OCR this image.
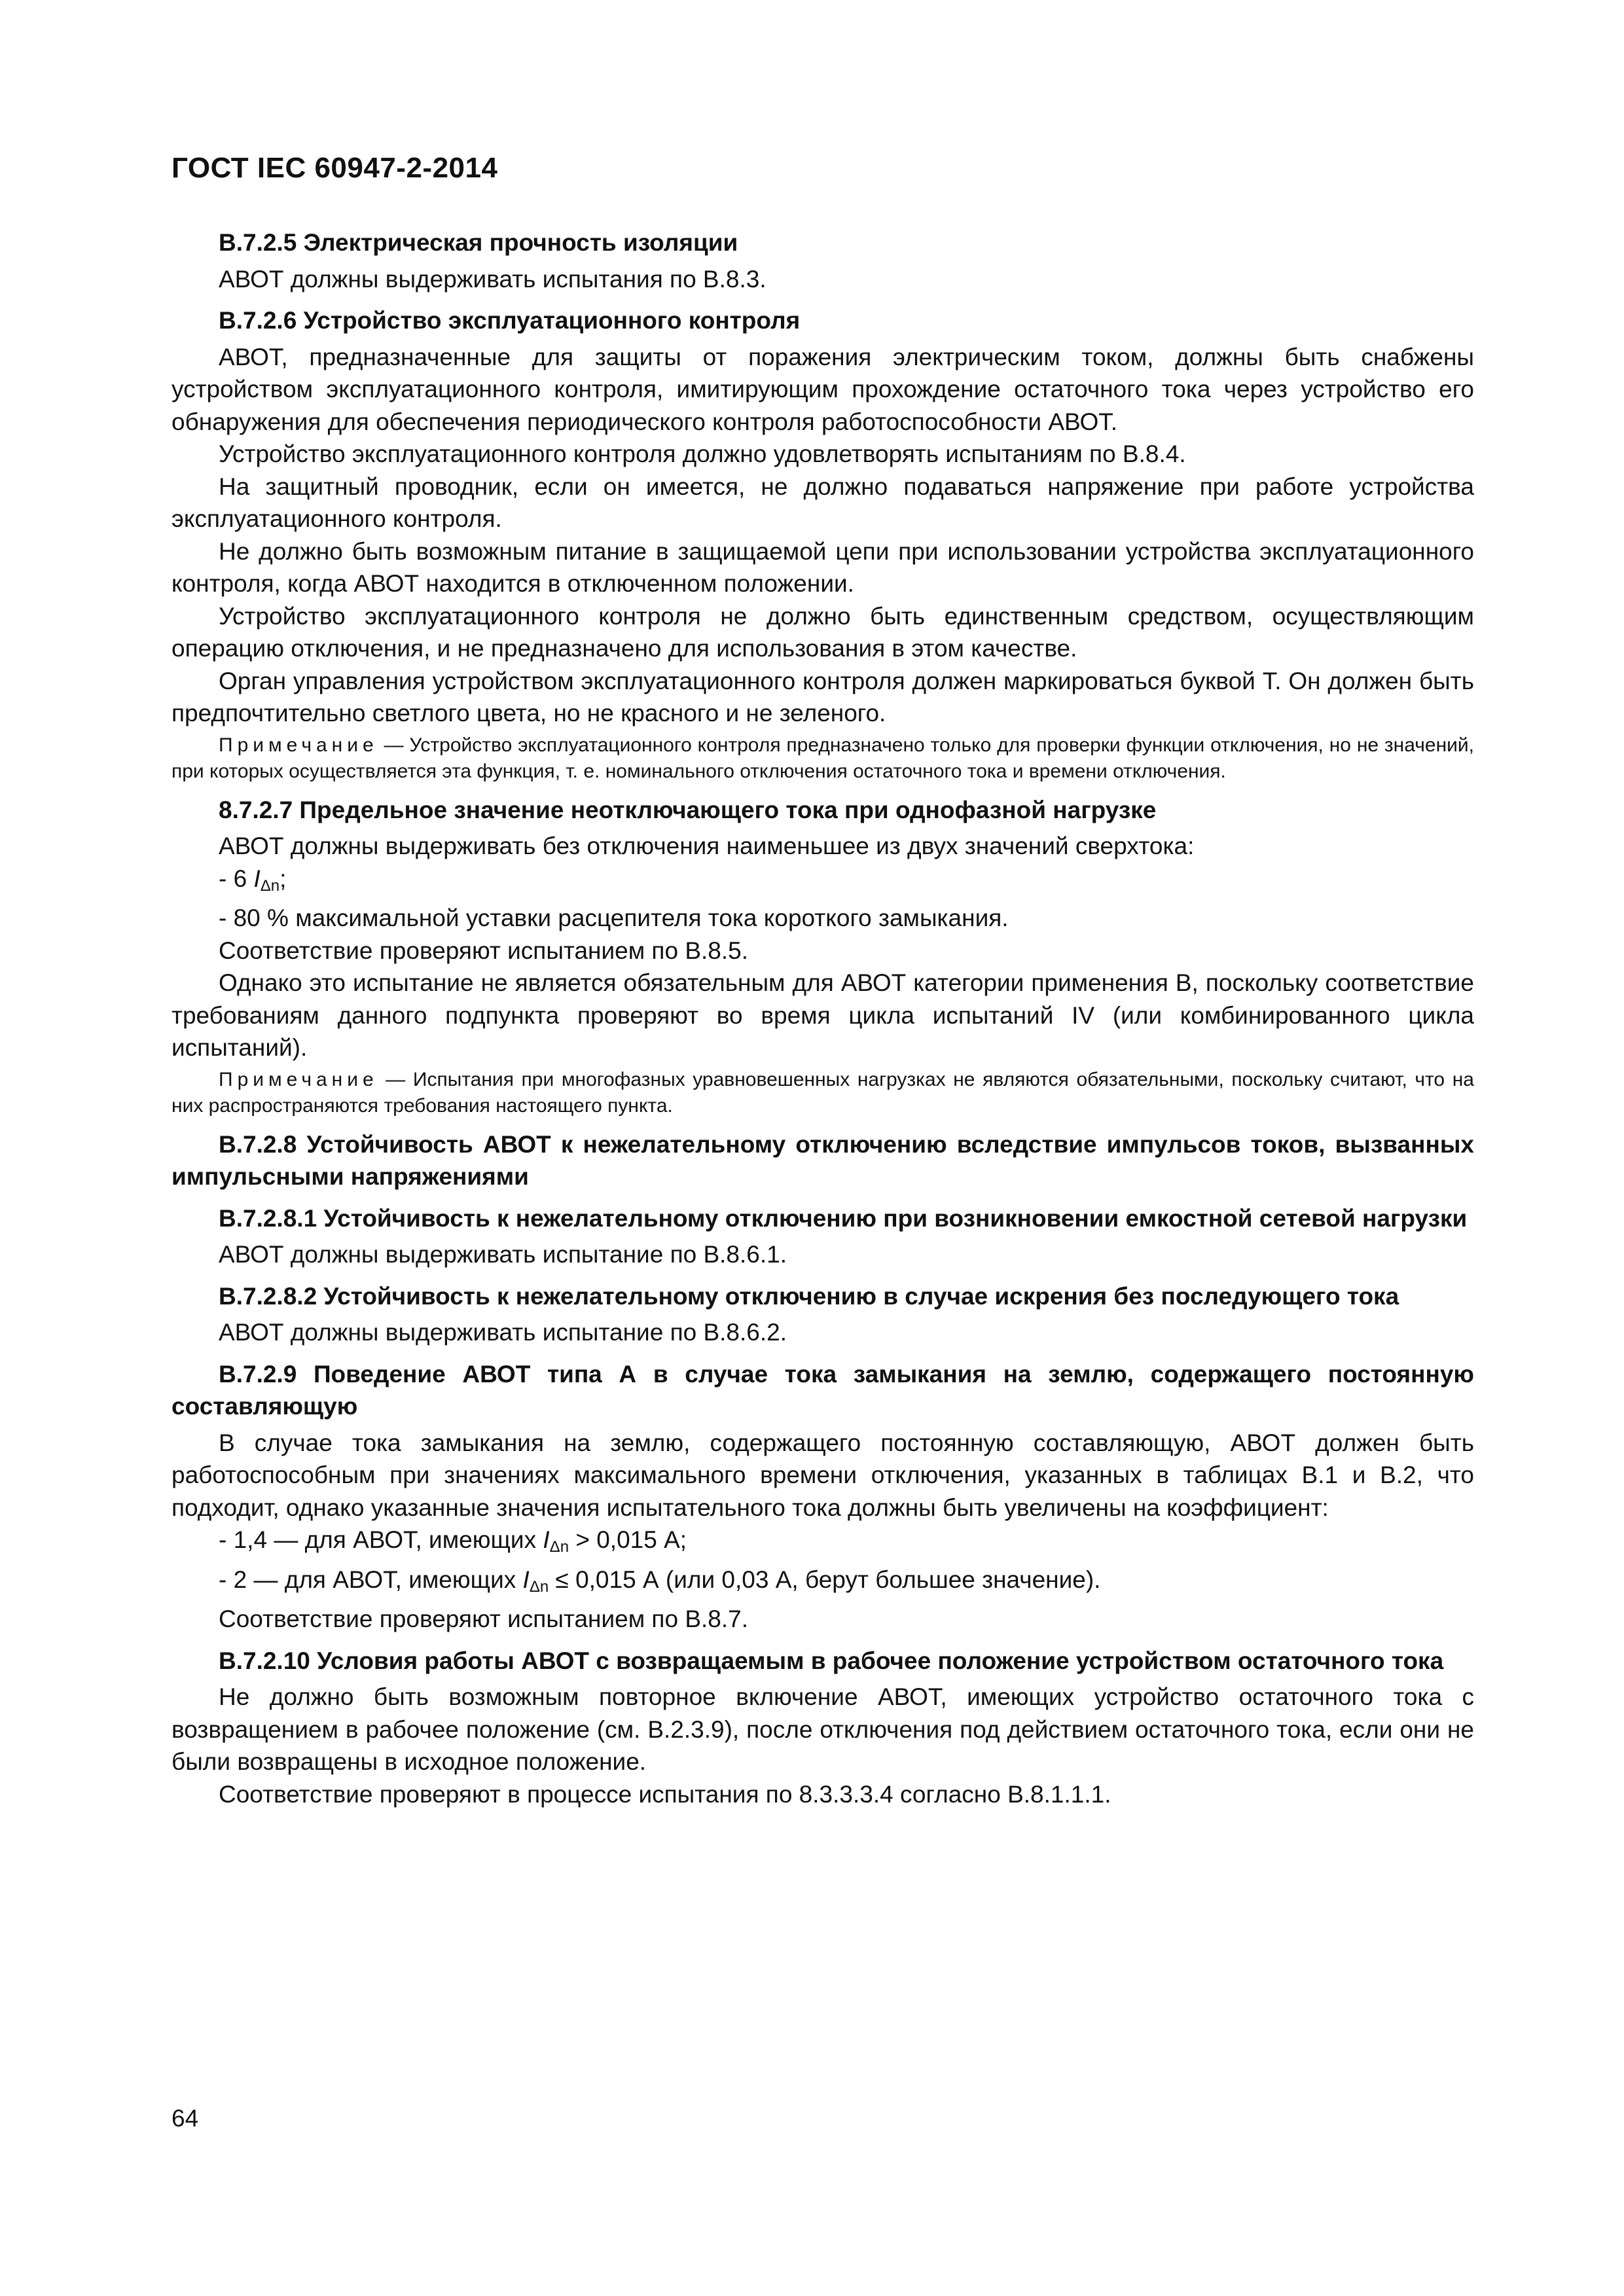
ГОСТ IEC 60947-2-2014
B.7.2.5 Электрическая прочность изоляции
АВОТ должны выдерживать испытания по B.8.3.
B.7.2.6 Устройство эксплуатационного контроля
АВОТ, предназначенные для защиты от поражения электрическим током, должны быть снабжены устройством эксплуатационного контроля, имитирующим прохождение остаточного тока через устройство его обнаружения для обеспечения периодического контроля работоспособности АВОТ.
Устройство эксплуатационного контроля должно удовлетворять испытаниям по B.8.4.
На защитный проводник, если он имеется, не должно подаваться напряжение при работе устройства эксплуатационного контроля.
Не должно быть возможным питание в защищаемой цепи при использовании устройства эксплуатационного контроля, когда АВОТ находится в отключенном положении.
Устройство эксплуатационного контроля не должно быть единственным средством, осуществляющим операцию отключения, и не предназначено для использования в этом качестве.
Орган управления устройством эксплуатационного контроля должен маркироваться буквой Т. Он должен быть предпочтительно светлого цвета, но не красного и не зеленого.
Примечание — Устройство эксплуатационного контроля предназначено только для проверки функции отключения, но не значений, при которых осуществляется эта функция, т. е. номинального отключения остаточного тока и времени отключения.
8.7.2.7 Предельное значение неотключающего тока при однофазной нагрузке
АВОТ должны выдерживать без отключения наименьшее из двух значений сверхтока:
- 6 $I_{\Delta n}$;
- 80 % максимальной уставки расцепителя тока короткого замыкания.
Соответствие проверяют испытанием по B.8.5.
Однако это испытание не является обязательным для АВОТ категории применения В, поскольку соответствие требованиям данного подпункта проверяют во время цикла испытаний IV (или комбинированного цикла испытаний).
Примечание — Испытания при многофазных уравновешенных нагрузках не являются обязательными, поскольку считают, что на них распространяются требования настоящего пункта.
B.7.2.8 Устойчивость АВОТ к нежелательному отключению вследствие импульсов токов, вызванных импульсными напряжениями
B.7.2.8.1 Устойчивость к нежелательному отключению при возникновении емкостной сетевой нагрузки
АВОТ должны выдерживать испытание по B.8.6.1.
B.7.2.8.2 Устойчивость к нежелательному отключению в случае искрения без последующего тока
АВОТ должны выдерживать испытание по B.8.6.2.
B.7.2.9 Поведение АВОТ типа А в случае тока замыкания на землю, содержащего постоянную составляющую
В случае тока замыкания на землю, содержащего постоянную составляющую, АВОТ должен быть работоспособным при значениях максимального времени отключения, указанных в таблицах В.1 и В.2, что подходит, однако указанные значения испытательного тока должны быть увеличены на коэффициент:
- 1,4 — для АВОТ, имеющих $I_{\Delta n} > 0,015$ А;
- 2 — для АВОТ, имеющих $I_{\Delta n} \le 0,015$ А (или 0,03 А, берут большее значение).
Соответствие проверяют испытанием по B.8.7.
B.7.2.10 Условия работы АВОТ с возвращаемым в рабочее положение устройством остаточного тока
Не должно быть возможным повторное включение АВОТ, имеющих устройство остаточного тока с возвращением в рабочее положение (см. B.2.3.9), после отключения под действием остаточного тока, если они не были возвращены в исходное положение.
Соответствие проверяют в процессе испытания по 8.3.3.3.4 согласно B.8.1.1.1.
64
